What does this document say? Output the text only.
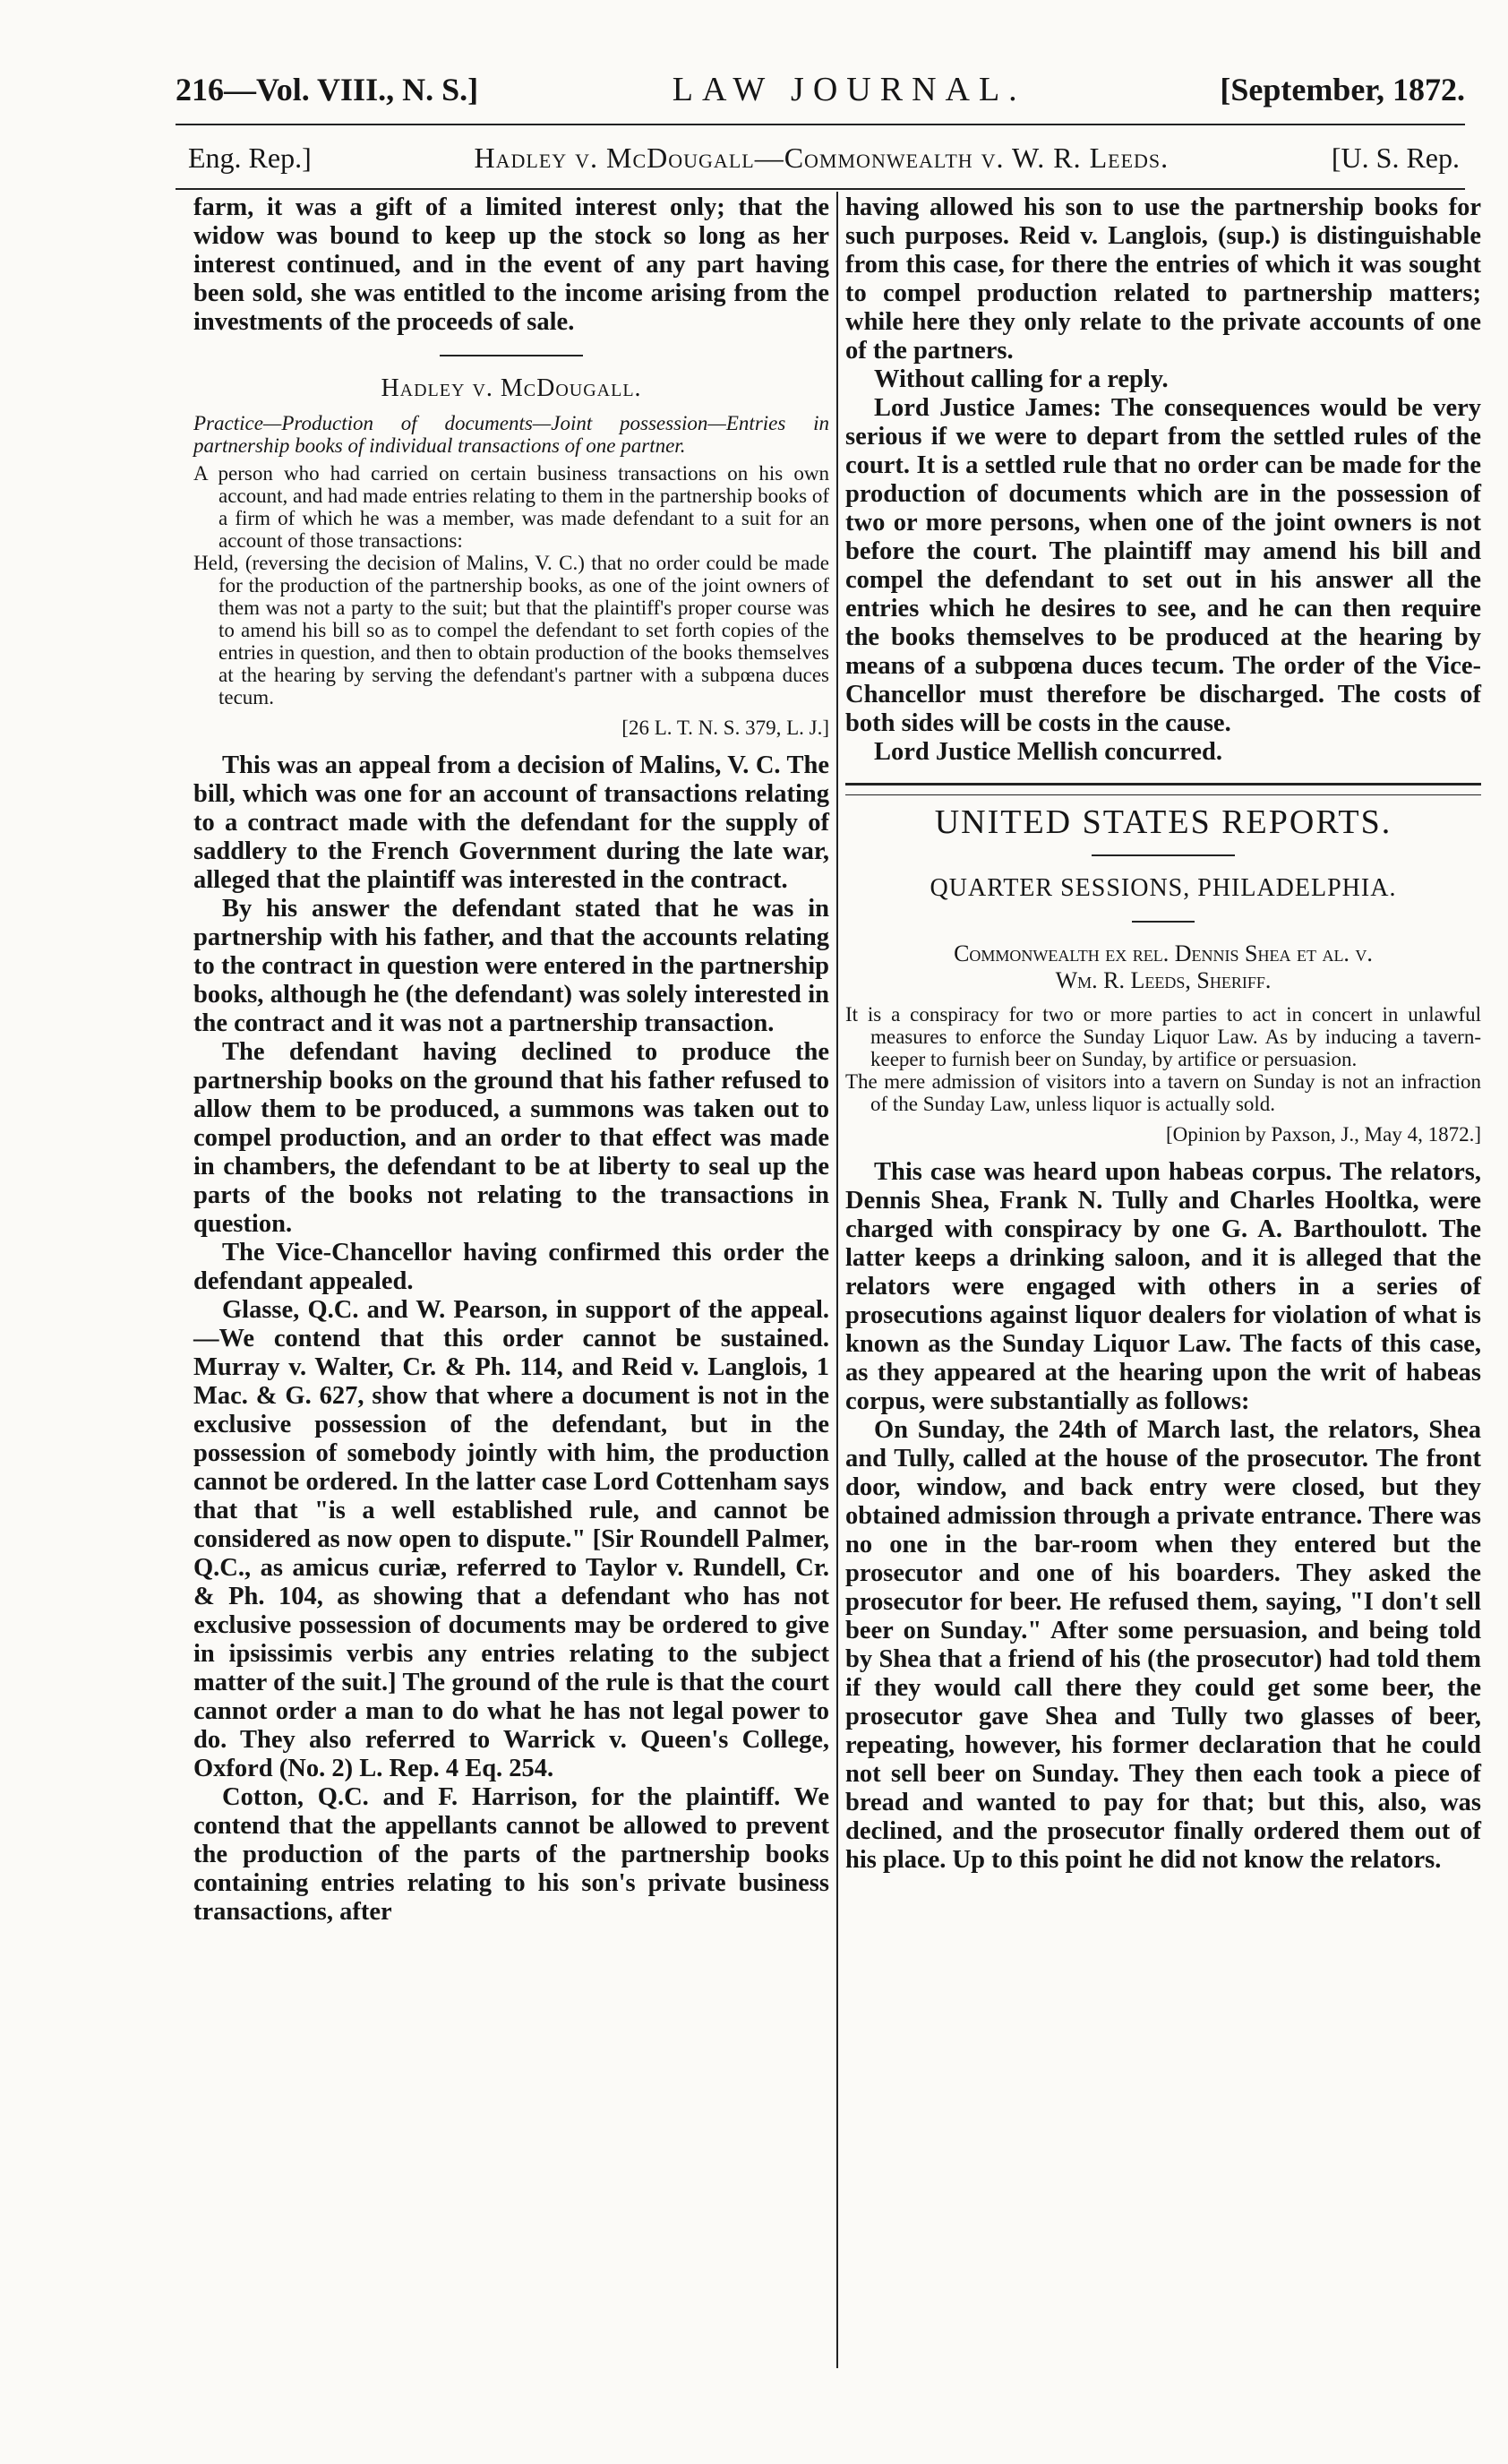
216—Vol. VIII., N. S.]	LAW JOURNAL.	[September, 1872.
Eng. Rep.]	Hadley v. McDougall—Commonwealth v. W. R. Leeds.	[U. S. Rep.

farm, it was a gift of a limited interest only; that the widow was bound to keep up the stock so long as her interest continued, and in the event of any part having been sold, she was entitled to the income arising from the investments of the proceeds of sale.

Hadley v. McDougall.
Practice—Production of documents—Joint possession—Entries in partnership books of individual transactions of one partner.

A person who had carried on certain business transactions on his own account, and had made entries relating to them in the partnership books of a firm of which he was a member, was made defendant to a suit for an account of those transactions:

Held, (reversing the decision of Malins, V. C.) that no order could be made for the production of the partnership books, as one of the joint owners of them was not a party to the suit; but that the plaintiff's proper course was to amend his bill so as to compel the defendant to set forth copies of the entries in question, and then to obtain production of the books themselves at the hearing by serving the defendant's partner with a subpœna duces tecum.

[26 L. T. N. S. 379, L. J.]

This was an appeal from a decision of Malins, V. C. The bill, which was one for an account of transactions relating to a contract made with the defendant for the supply of saddlery to the French Government during the late war, alleged that the plaintiff was interested in the contract.

By his answer the defendant stated that he was in partnership with his father, and that the accounts relating to the contract in question were entered in the partnership books, although he (the defendant) was solely interested in the contract and it was not a partnership transaction.

The defendant having declined to produce the partnership books on the ground that his father refused to allow them to be produced, a summons was taken out to compel production, and an order to that effect was made in chambers, the defendant to be at liberty to seal up the parts of the books not relating to the transactions in question.

The Vice-Chancellor having confirmed this order the defendant appealed.

Glasse, Q.C. and W. Pearson, in support of the appeal.—We contend that this order cannot be sustained. Murray v. Walter, Cr. & Ph. 114, and Reid v. Langlois, 1 Mac. & G. 627, show that where a document is not in the exclusive possession of the defendant, but in the possession of somebody jointly with him, the production cannot be ordered. In the latter case Lord Cottenham says that that "is a well established rule, and cannot be considered as now open to dispute." [Sir Roundell Palmer, Q.C., as amicus curiæ, referred to Taylor v. Rundell, Cr. & Ph. 104, as showing that a defendant who has not exclusive possession of documents may be ordered to give in ipsissimis verbis any entries relating to the subject matter of the suit.] The ground of the rule is that the court cannot order a man to do what he has not legal power to do. They also referred to Warrick v. Queen's College, Oxford (No. 2) L. Rep. 4 Eq. 254.

Cotton, Q.C. and F. Harrison, for the plaintiff. We contend that the appellants cannot be allowed to prevent the production of the parts of the partnership books containing entries relating to his son's private business transactions, after

having allowed his son to use the partnership books for such purposes. Reid v. Langlois, (sup.) is distinguishable from this case, for there the entries of which it was sought to compel production related to partnership matters; while here they only relate to the private accounts of one of the partners.

Without calling for a reply.

Lord Justice James: The consequences would be very serious if we were to depart from the settled rules of the court. It is a settled rule that no order can be made for the production of documents which are in the possession of two or more persons, when one of the joint owners is not before the court. The plaintiff may amend his bill and compel the defendant to set out in his answer all the entries which he desires to see, and he can then require the books themselves to be produced at the hearing by means of a subpœna duces tecum. The order of the Vice-Chancellor must therefore be discharged. The costs of both sides will be costs in the cause.

Lord Justice Mellish concurred.

UNITED STATES REPORTS.
QUARTER SESSIONS, PHILADELPHIA.
Commonwealth ex rel. Dennis Shea et al. v.
Wm. R. Leeds, Sheriff.

It is a conspiracy for two or more parties to act in concert in unlawful measures to enforce the Sunday Liquor Law. As by inducing a tavern-keeper to furnish beer on Sunday, by artifice or persuasion.

The mere admission of visitors into a tavern on Sunday is not an infraction of the Sunday Law, unless liquor is actually sold.

[Opinion by Paxson, J., May 4, 1872.]

This case was heard upon habeas corpus. The relators, Dennis Shea, Frank N. Tully and Charles Hooltka, were charged with conspiracy by one G. A. Barthoulott. The latter keeps a drinking saloon, and it is alleged that the relators were engaged with others in a series of prosecutions against liquor dealers for violation of what is known as the Sunday Liquor Law. The facts of this case, as they appeared at the hearing upon the writ of habeas corpus, were substantially as follows:

On Sunday, the 24th of March last, the relators, Shea and Tully, called at the house of the prosecutor. The front door, window, and back entry were closed, but they obtained admission through a private entrance. There was no one in the bar-room when they entered but the prosecutor and one of his boarders. They asked the prosecutor for beer. He refused them, saying, "I don't sell beer on Sunday." After some persuasion, and being told by Shea that a friend of his (the prosecutor) had told them if they would call there they could get some beer, the prosecutor gave Shea and Tully two glasses of beer, repeating, however, his former declaration that he could not sell beer on Sunday. They then each took a piece of bread and wanted to pay for that; but this, also, was declined, and the prosecutor finally ordered them out of his place. Up to this point he did not know the relators.
